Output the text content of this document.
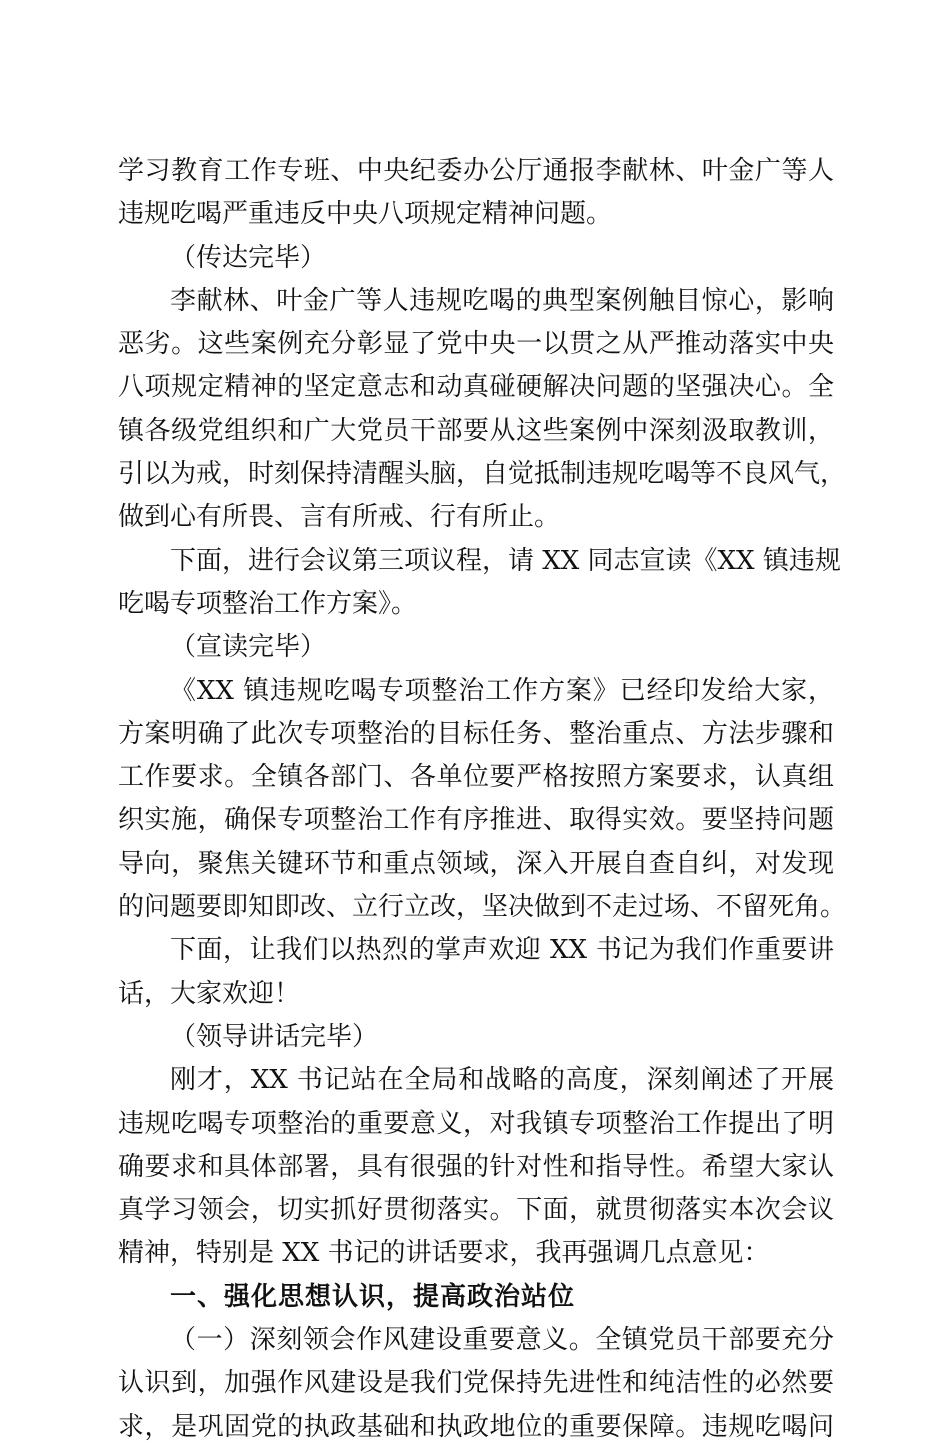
学习教育工作专班、中央纪委办公厅通报李献林、叶金广等人
违规吃喝严重违反中央八项规定精神问题。
（传达完毕）
李献林、叶金广等人违规吃喝的典型案例触目惊心，影响
恶劣。这些案例充分彰显了党中央一以贯之从严推动落实中央
八项规定精神的坚定意志和动真碰硬解决问题的坚强决心。全
镇各级党组织和广大党员干部要从这些案例中深刻汲取教训，
引以为戒，时刻保持清醒头脑，自觉抵制违规吃喝等不良风气，
做到心有所畏、言有所戒、行有所止。
下面，进行会议第三项议程，请 XX 同志宣读《XX 镇违规
吃喝专项整治工作方案》。
（宣读完毕）
《XX 镇违规吃喝专项整治工作方案》已经印发给大家，
方案明确了此次专项整治的目标任务、整治重点、方法步骤和
工作要求。全镇各部门、各单位要严格按照方案要求，认真组
织实施，确保专项整治工作有序推进、取得实效。要坚持问题
导向，聚焦关键环节和重点领域，深入开展自查自纠，对发现
的问题要即知即改、立行立改，坚决做到不走过场、不留死角。
下面，让我们以热烈的掌声欢迎 XX 书记为我们作重要讲
话，大家欢迎！
（领导讲话完毕）
刚才，XX 书记站在全局和战略的高度，深刻阐述了开展
违规吃喝专项整治的重要意义，对我镇专项整治工作提出了明
确要求和具体部署，具有很强的针对性和指导性。希望大家认
真学习领会，切实抓好贯彻落实。下面，就贯彻落实本次会议
精神，特别是 XX 书记的讲话要求，我再强调几点意见：
一、强化思想认识，提高政治站位
（一）深刻领会作风建设重要意义。全镇党员干部要充分
认识到，加强作风建设是我们党保持先进性和纯洁性的必然要
求，是巩固党的执政基础和执政地位的重要保障。违规吃喝问
